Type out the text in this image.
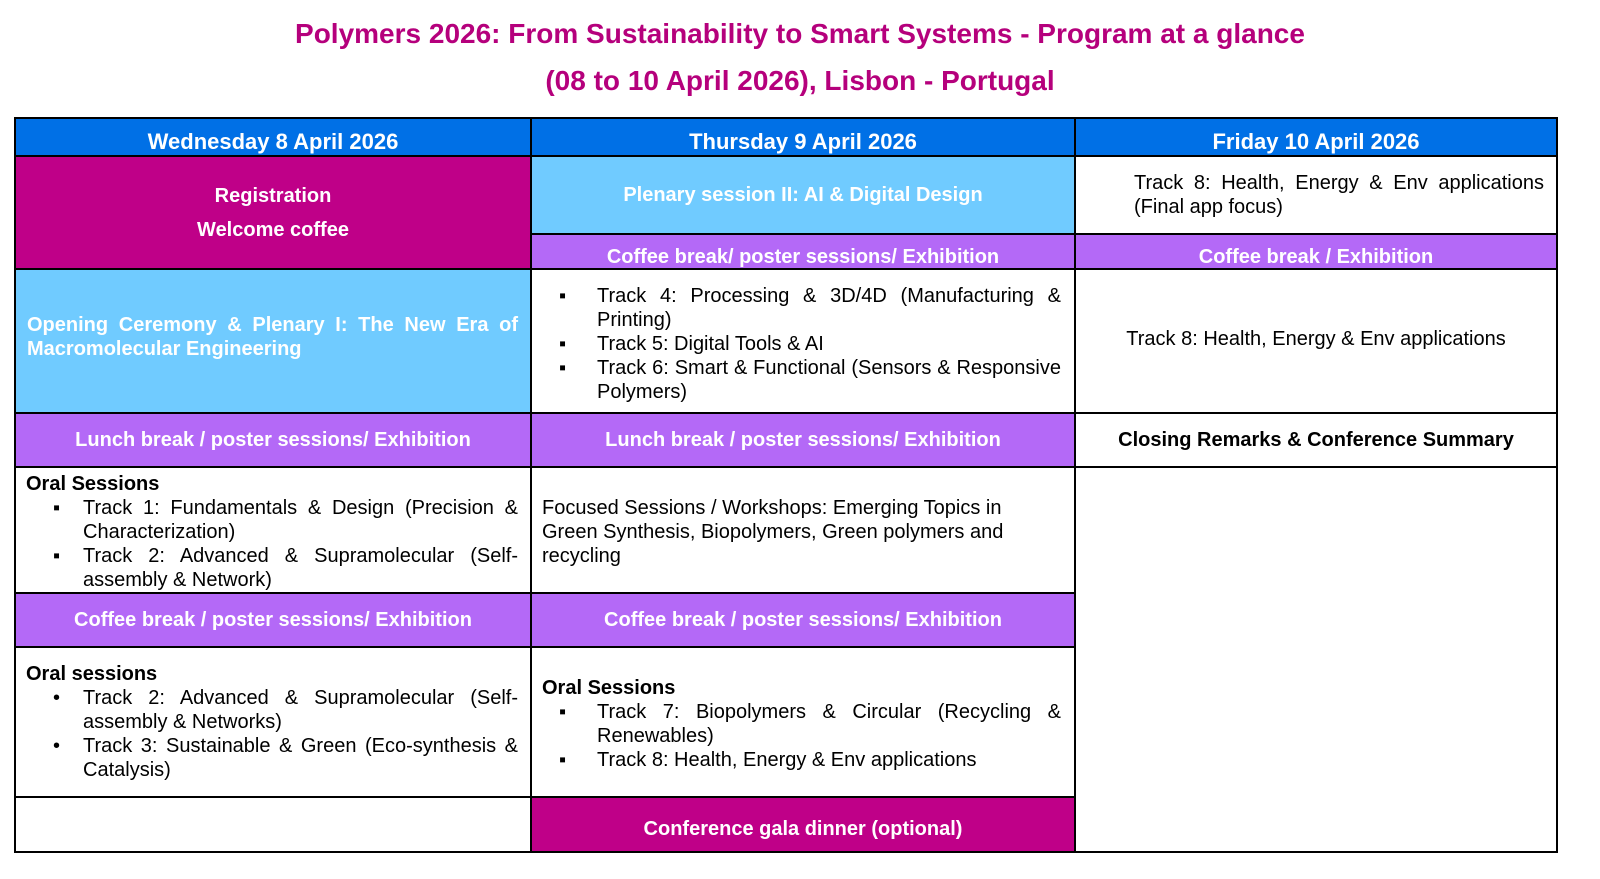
Polymers 2026: From Sustainability to Smart Systems - Program at a glance
(08 to 10 April 2026), Lisbon - Portugal
Wednesday 8 April 2026	Thursday 9 April 2026	Friday 10 April 2026
Registration
Welcome coffee
Opening Ceremony & Plenary I: The New Era of Macromolecular Engineering
Lunch break / poster sessions/ Exhibition
Oral Sessions
▪
Track 1: Fundamentals & Design (Precision & Characterization)
▪
Track 2: Advanced & Supramolecular (Self-assembly & Network)
Coffee break / poster sessions/ Exhibition
Oral sessions
•
Track 2: Advanced & Supramolecular (Self-assembly & Networks)
•
Track 3: Sustainable & Green (Eco-synthesis & Catalysis)
Plenary session II: AI & Digital Design
Coffee break/ poster sessions/ Exhibition
▪
Track 4: Processing & 3D/4D (Manufacturing & Printing)
▪
Track 5: Digital Tools & AI
▪
Track 6: Smart & Functional (Sensors & Responsive Polymers)
Lunch break / poster sessions/ Exhibition
Focused Sessions / Workshops: Emerging Topics in Green Synthesis, Biopolymers, Green polymers and recycling
Coffee break / poster sessions/ Exhibition
Oral Sessions
▪
Track 7: Biopolymers & Circular (Recycling & Renewables)
▪
Track 8: Health, Energy & Env applications
Conference gala dinner (optional)
Track 8: Health, Energy & Env applications (Final app focus)
Coffee break / Exhibition
Track 8: Health, Energy & Env applications
Closing Remarks & Conference Summary
